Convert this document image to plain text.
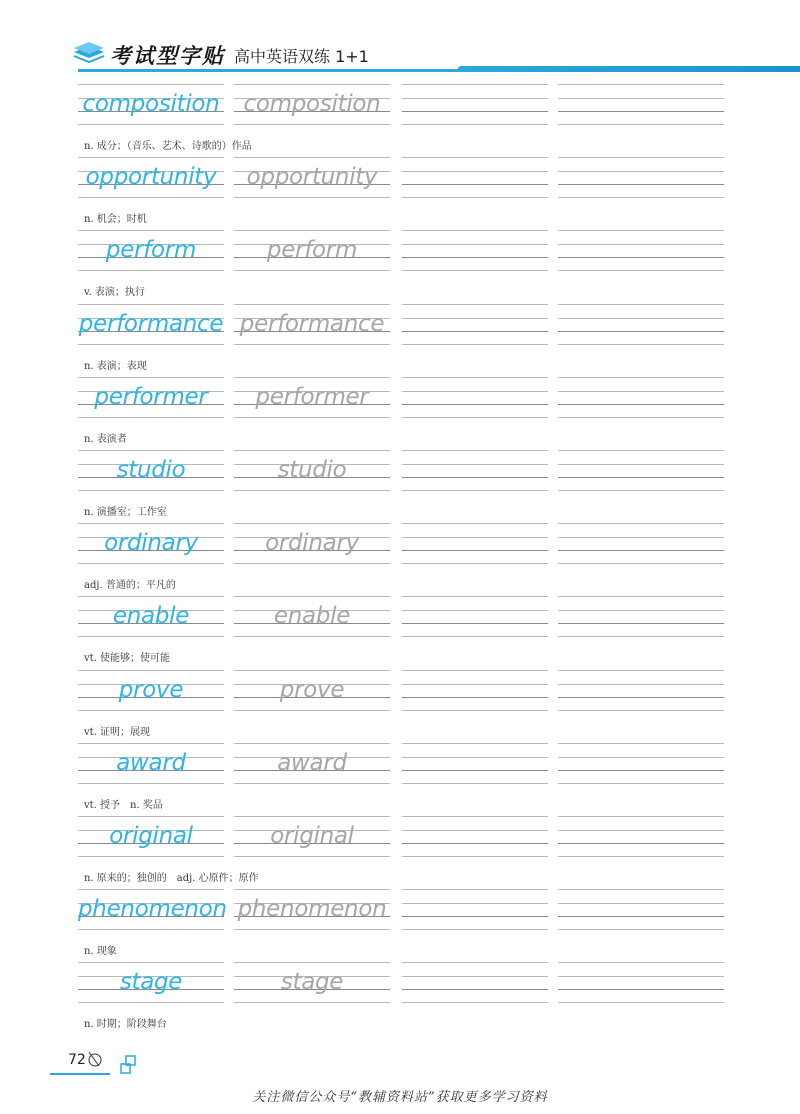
考试型字贴 高中英语双练 1+1
composition	composition
n. 成分；（音乐、艺术、诗歌的）作品
opportunity	opportunity
n. 机会；时机
perform	perform
v. 表演；执行
performance performance
n. 表演；表现
performer	performer
n. 表演者
studio	studio
n. 演播室；工作室
ordinary	ordinary
adj. 普通的；平凡的
enable	enable
vt. 使能够；使可能
prove	prove
vt. 证明；展现
award	award
vt. 授予　n. 奖品
original	original
n. 原来的；独创的　adj. 心原件；原作
phenomenon phenomenon
n. 现象
stage	stage
n. 时期；阶段舞台
72
关注微信公众号“教辅资料站”获取更多学习资料
